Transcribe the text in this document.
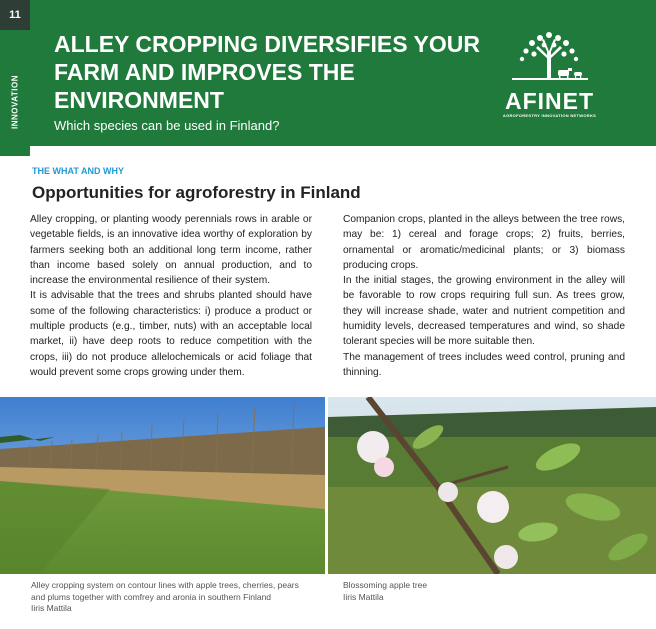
11
INNOVATION
ALLEY CROPPING DIVERSIFIES YOUR FARM AND IMPROVES THE ENVIRONMENT

Which species can be used in Finland?

AFINET
AGROFORESTRY INNOVATION NETWORKS
THE WHAT AND WHY
Opportunities for agroforestry in Finland

Alley cropping, or planting woody perennials rows in arable or vegetable fields, is an innovative idea worthy of exploration by farmers seeking both an additional long term income, rather than income based solely on annual production, and to increase the environmental resilience of their system.

It is advisable that the trees and shrubs planted should have some of the following characteristics: i) produce a product or multiple products (e.g., timber, nuts) with an acceptable local market, ii) have deep roots to reduce competition with the crops, iii) do not produce allelochemicals or acid foliage that would prevent some crops growing under them.

Companion crops, planted in the alleys between the tree rows, may be: 1) cereal and forage crops; 2) fruits, berries, ornamental or aromatic/medicinal plants; or 3) biomass producing crops.

In the initial stages, the growing environment in the alley will be favorable to row crops requiring full sun. As trees grow, they will increase shade, water and nutrient competition and humidity levels, decreased temperatures and wind, so shade tolerant species will be more suitable then.

The management of trees includes weed control, pruning and thinning.

Alley cropping system on contour lines with apple trees, cherries, pears

and plums together with comfrey and aronia in southern Finland

Iiris Mattila

Blossoming apple tree

Iiris Mattila
